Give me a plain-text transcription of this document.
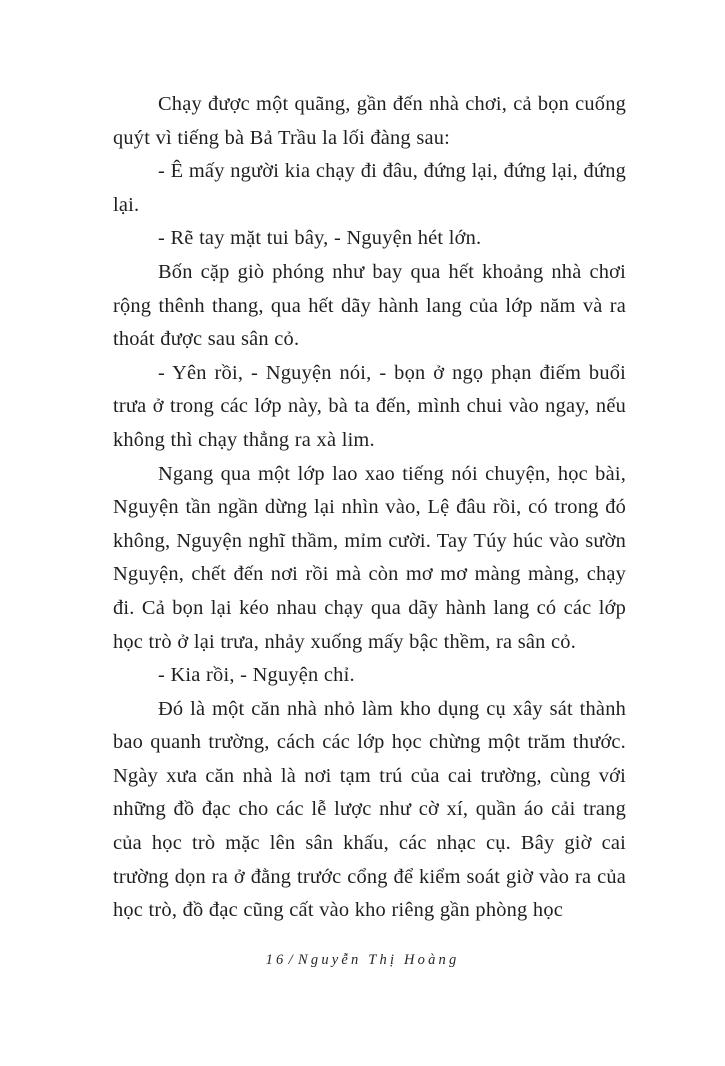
Chạy được một quãng, gần đến nhà chơi, cả bọn cuống quýt vì tiếng bà Bả Trầu la lối đàng sau:

- Ê mấy người kia chạy đi đâu, đứng lại, đứng lại, đứng lại.

- Rẽ tay mặt tui bây, - Nguyện hét lớn.

Bốn cặp giò phóng như bay qua hết khoảng nhà chơi rộng thênh thang, qua hết dãy hành lang của lớp năm và ra thoát được sau sân cỏ.

- Yên rồi, - Nguyện nói, - bọn ở ngọ phạn điếm buổi trưa ở trong các lớp này, bà ta đến, mình chui vào ngay, nếu không thì chạy thẳng ra xà lim.

Ngang qua một lớp lao xao tiếng nói chuyện, học bài, Nguyện tần ngần dừng lại nhìn vào, Lệ đâu rồi, có trong đó không, Nguyện nghĩ thầm, mỉm cười. Tay Túy húc vào sườn Nguyện, chết đến nơi rồi mà còn mơ mơ màng màng, chạy đi. Cả bọn lại kéo nhau chạy qua dãy hành lang có các lớp học trò ở lại trưa, nhảy xuống mấy bậc thềm, ra sân cỏ.

- Kia rồi, - Nguyện chỉ.

Đó là một căn nhà nhỏ làm kho dụng cụ xây sát thành bao quanh trường, cách các lớp học chừng một trăm thước. Ngày xưa căn nhà là nơi tạm trú của cai trường, cùng với những đồ đạc cho các lễ lược như cờ xí, quần áo cải trang của học trò mặc lên sân khấu, các nhạc cụ. Bây giờ cai trường dọn ra ở đằng trước cổng để kiểm soát giờ vào ra của học trò, đồ đạc cũng cất vào kho riêng gần phòng học

16 / Nguyễn Thị Hoàng
